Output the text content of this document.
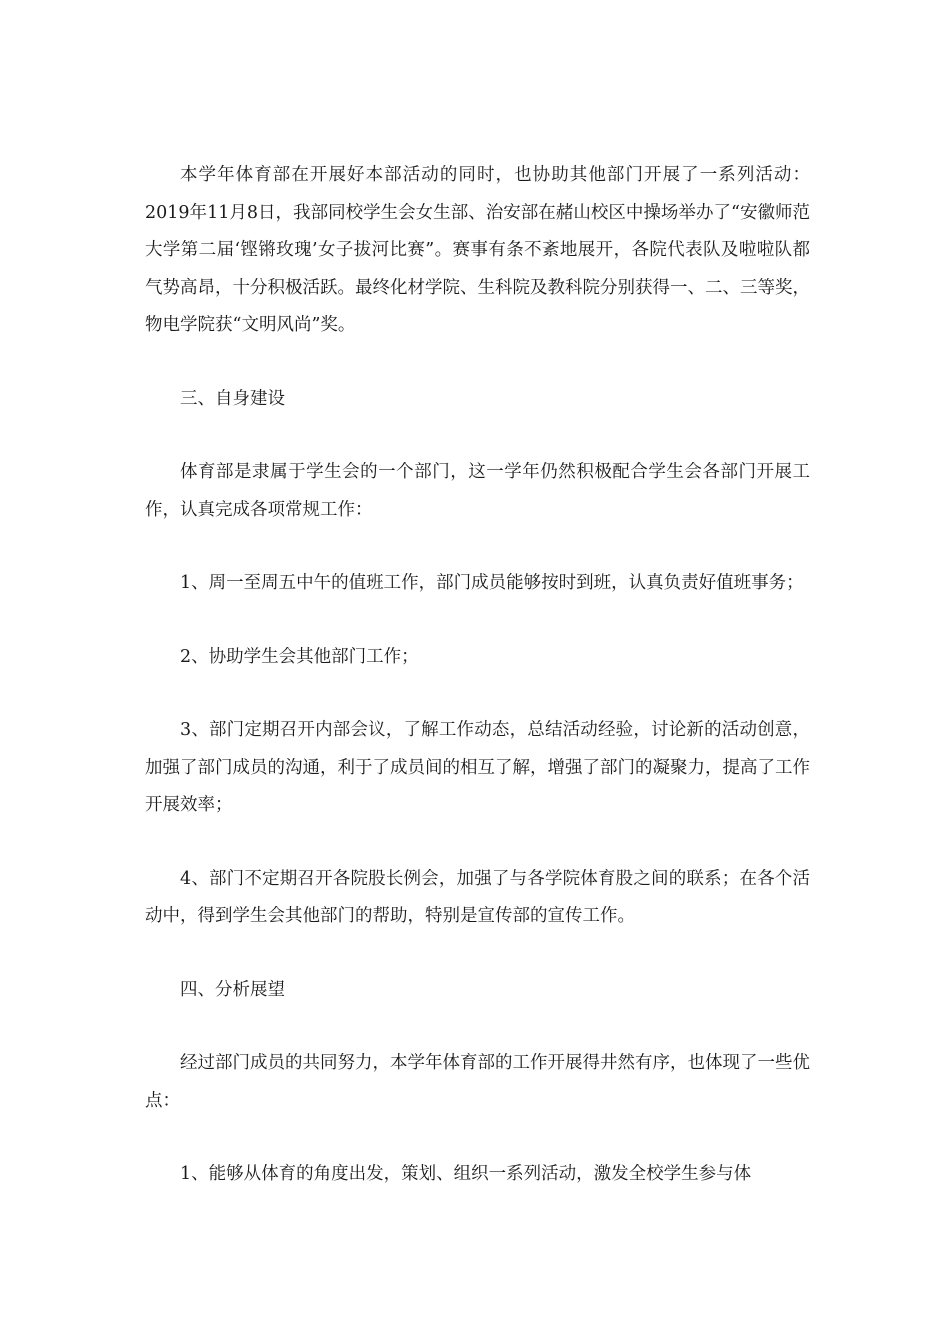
本学年体育部在开展好本部活动的同时，也协助其他部门开展了一系列活动：2019年11月8日，我部同校学生会女生部、治安部在赭山校区中操场举办了“安徽师范大学第二届‘铿锵玫瑰’女子拔河比赛”。赛事有条不紊地展开，各院代表队及啦啦队都气势高昂，十分积极活跃。最终化材学院、生科院及教科院分别获得一、二、三等奖，物电学院获“文明风尚”奖。

三、自身建设

体育部是隶属于学生会的一个部门，这一学年仍然积极配合学生会各部门开展工作，认真完成各项常规工作：

1、周一至周五中午的值班工作，部门成员能够按时到班，认真负责好值班事务；

2、协助学生会其他部门工作；

3、部门定期召开内部会议，了解工作动态，总结活动经验，讨论新的活动创意，加强了部门成员的沟通，利于了成员间的相互了解，增强了部门的凝聚力，提高了工作开展效率；

4、部门不定期召开各院股长例会，加强了与各学院体育股之间的联系；在各个活动中，得到学生会其他部门的帮助，特别是宣传部的宣传工作。

四、分析展望

经过部门成员的共同努力，本学年体育部的工作开展得井然有序，也体现了一些优点：

1、能够从体育的角度出发，策划、组织一系列活动，激发全校学生参与体
